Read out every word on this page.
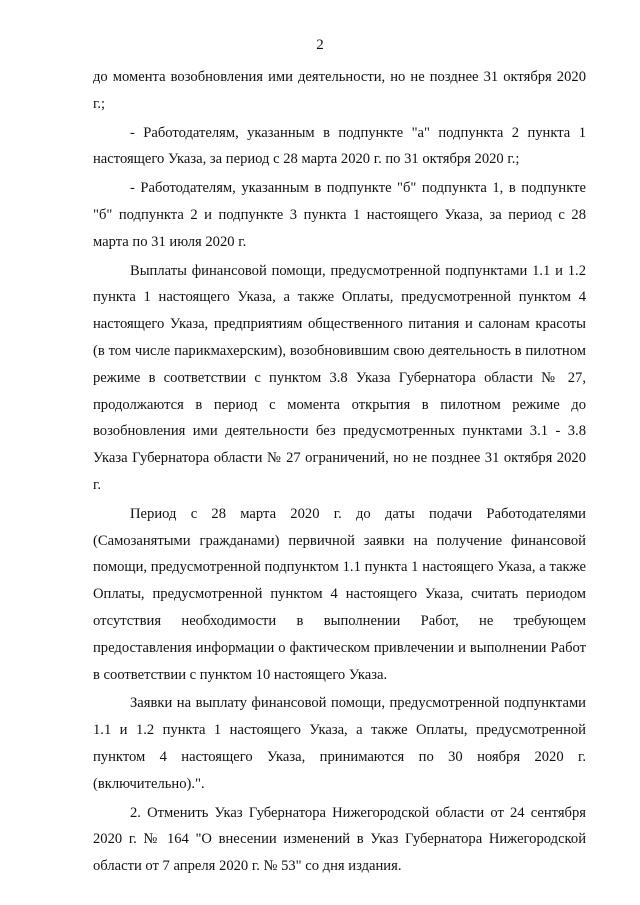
2

до момента возобновления ими деятельности, но не позднее 31 октября 2020 г.;

- Работодателям, указанным в подпункте "а" подпункта 2 пункта 1 настоящего Указа, за период с 28 марта 2020 г. по 31 октября 2020 г.;

- Работодателям, указанным в подпункте "б" подпункта 1, в подпункте "б" подпункта 2 и подпункте 3 пункта 1 настоящего Указа, за период с 28 марта по 31 июля 2020 г.

Выплаты финансовой помощи, предусмотренной подпунктами 1.1 и 1.2 пункта 1 настоящего Указа, а также Оплаты, предусмотренной пунктом 4 настоящего Указа, предприятиям общественного питания и салонам красоты (в том числе парикмахерским), возобновившим свою деятельность в пилотном режиме в соответствии с пунктом 3.8 Указа Губернатора области № 27, продолжаются в период с момента открытия в пилотном режиме до возобновления ими деятельности без предусмотренных пунктами 3.1 - 3.8 Указа Губернатора области № 27 ограничений, но не позднее 31 октября 2020 г.

Период с 28 марта 2020 г. до даты подачи Работодателями (Самозанятыми гражданами) первичной заявки на получение финансовой помощи, предусмотренной подпунктом 1.1 пункта 1 настоящего Указа, а также Оплаты, предусмотренной пунктом 4 настоящего Указа, считать периодом отсутствия необходимости в выполнении Работ, не требующем предоставления информации о фактическом привлечении и выполнении Работ в соответствии с пунктом 10 настоящего Указа.

Заявки на выплату финансовой помощи, предусмотренной подпунктами 1.1 и 1.2 пункта 1 настоящего Указа, а также Оплаты, предусмотренной пунктом 4 настоящего Указа, принимаются по 30 ноября 2020 г. (включительно).".

2. Отменить Указ Губернатора Нижегородской области от 24 сентября 2020 г. № 164 "О внесении изменений в Указ Губернатора Нижегородской области от 7 апреля 2020 г. № 53" со дня издания.
